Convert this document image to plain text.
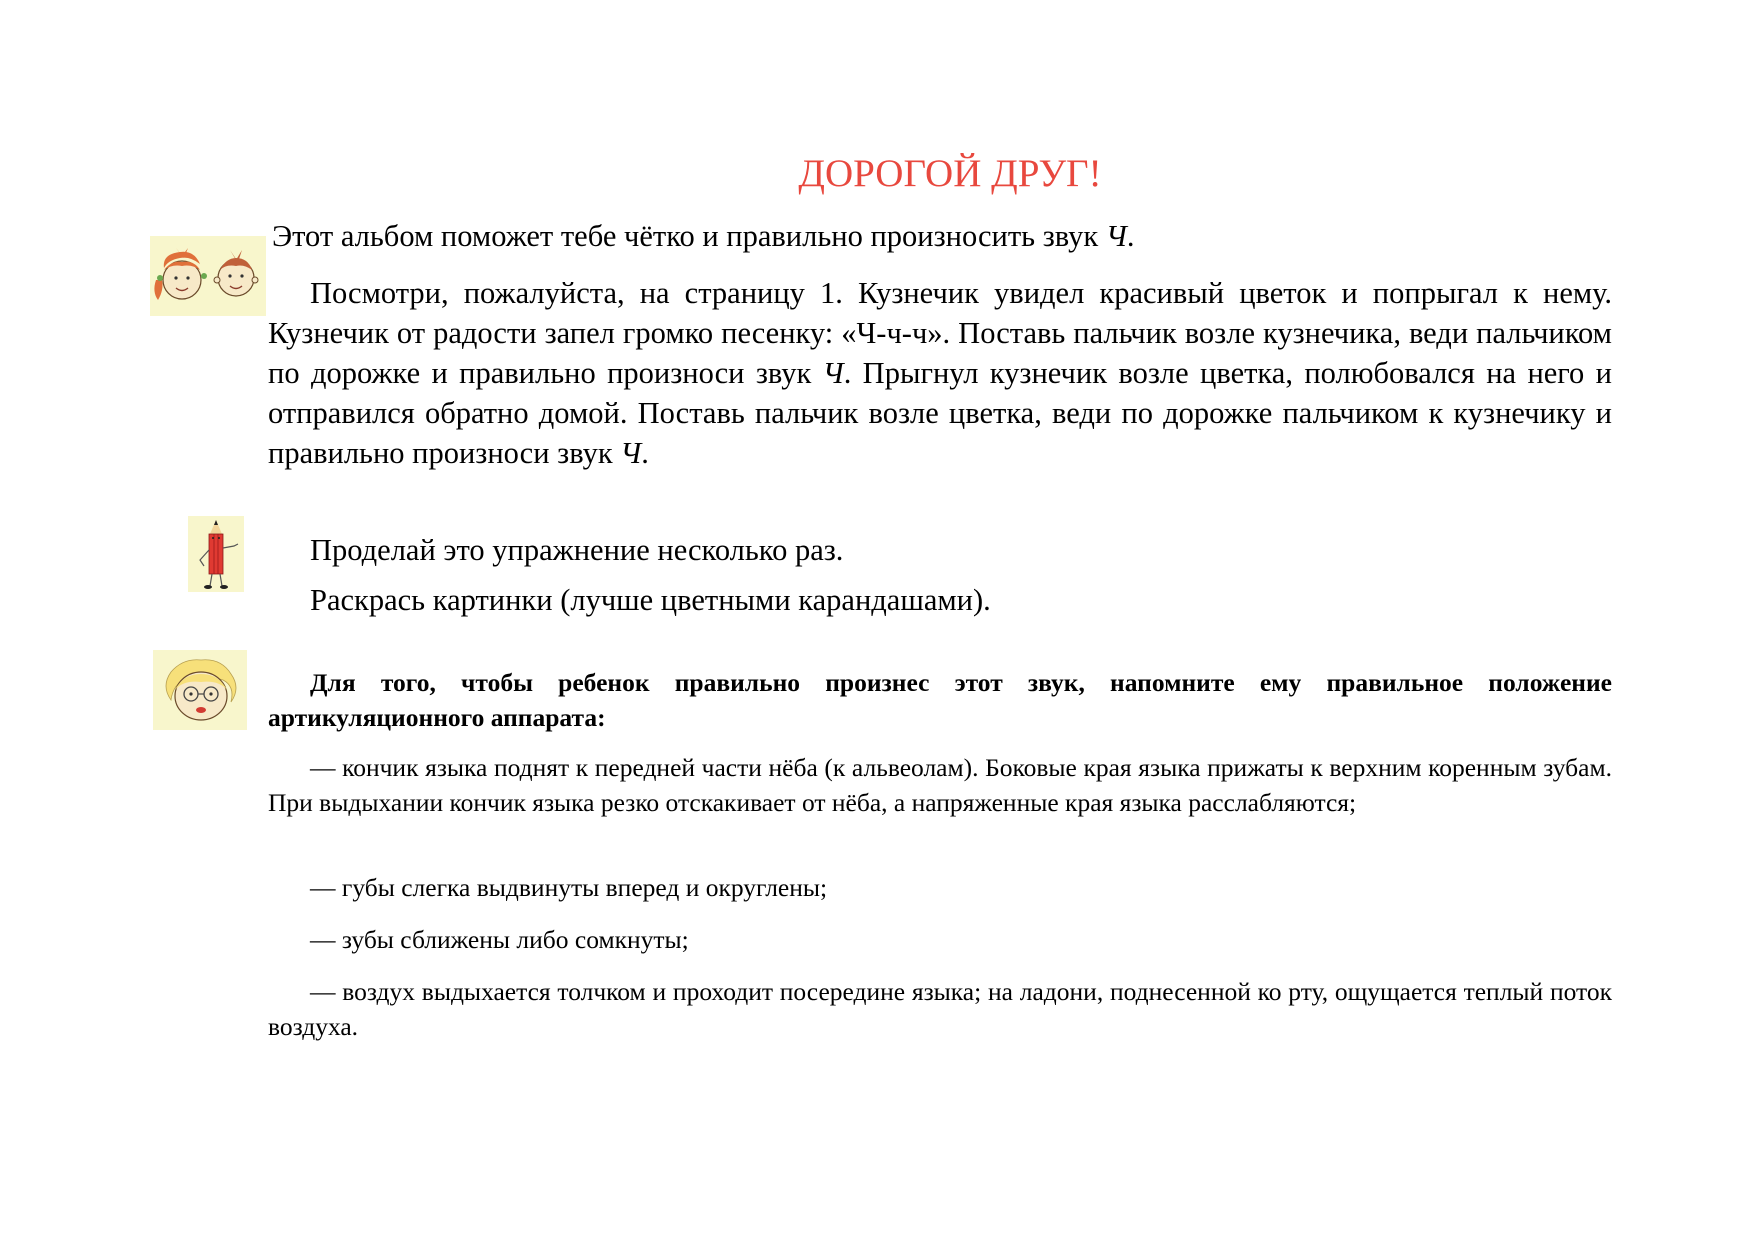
ДОРОГОЙ ДРУГ!

Этот альбом поможет тебе чётко и правильно произносить звук Ч.

Посмотри, пожалуйста, на страницу 1. Кузнечик увидел красивый цветок и попрыгал к нему. Кузнечик от радости запел громко песенку: «Ч-ч-ч». Поставь пальчик возле кузнечика, веди пальчиком по дорожке и правильно произноси звук Ч. Прыгнул кузнечик возле цветка, полюбовался на него и отправился обратно домой. Поставь пальчик возле цветка, веди по дорожке пальчиком к кузнечику и правильно произноси звук Ч.
Проделай это упражнение несколько раз.
Раскрась картинки (лучше цветными карандашами).
Для того, чтобы ребенок правильно произнес этот звук, напомните ему правильное положение артикуляционного аппарата:
— кончик языка поднят к передней части нёба (к альвеолам). Боковые края языка прижаты к верхним коренным зубам. При выдыхании кончик языка резко отскакивает от нёба, а напряженные края языка расслабляются;
— губы слегка выдвинуты вперед и округлены;
— зубы сближены либо сомкнуты;
— воздух выдыхается толчком и проходит посередине языка; на ладони, поднесенной ко рту, ощущается теплый поток воздуха.
